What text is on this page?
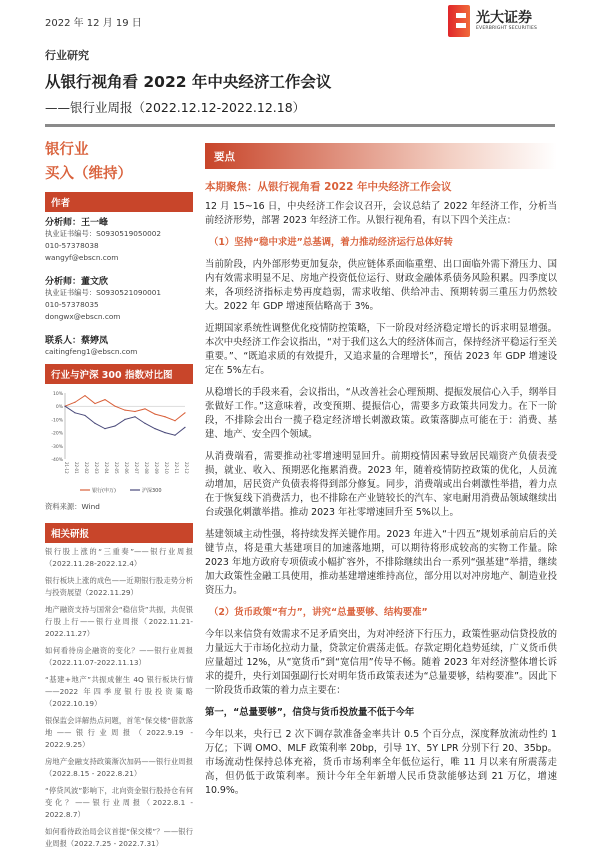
2022 年 12 月 19 日	光大证券
EVERBRIGHT SECURITIES
行业研究
从银行视角看 2022 年中央经济工作会议
——银行业周报（2022.12.12-2022.12.18）
银行业
买入（维持）
作者
分析师：王一峰
执业证书编号：S0930519050002
010-57378038
wangyf@ebscn.com
分析师：董文欣
执业证书编号：S0930521090001
010-57378035
dongwx@ebscn.com
联系人：蔡婷凤
caitingfeng1@ebscn.com
行业与沪深 300 指数对比图
10%
0%
-10%
-20%
-30%
-40%
21-12 22-01 22-02 22-03 22-04 22-05 22-06 22-07 22-08 22-09 22-10 22-11 22-12
银行(申万)	沪深300
资料来源：Wind
相关研报
银行股上涨的“三重奏”——银行业周报（2022.11.28-2022.12.4）
银行板块上涨的成色——近期银行股走势分析与投资展望（2022.11.29）
地产融资支持与国常会“稳信贷”共振，共促银行股上行——银行业周报（2022.11.21-2022.11.27）
如何看待房企融资的变化？——银行业周报（2022.11.07-2022.11.13）
“基建+地产”共振成催生 4Q 银行板块行情——2022 年四季度银行股投资策略（2022.10.19）
银保监会详解热点问题，首笔“保交楼”借款落地——银行业周报（2022.9.19 - 2022.9.25）
房地产金融支持政策渐次加码——银行业周报（2022.8.15 - 2022.8.21）
“停贷风波”影响下，北向资金银行股持仓有何变化？——银行业周报（2022.8.1 - 2022.8.7）
如何看待政治局会议首提“保交楼”？——银行业周报（2022.7.25 - 2022.7.31）
要点
本期聚焦：从银行视角看 2022 年中央经济工作会议
12 月 15~16 日，中央经济工作会议召开，会议总结了 2022 年经济工作，分析当前经济形势，部署 2023 年经济工作。从银行视角看，有以下四个关注点：
（1）坚持“稳中求进”总基调，着力推动经济运行总体好转
当前阶段，内外部形势更加复杂，供应链体系面临重塑、出口面临外需下滑压力、国内有效需求明显不足、房地产投资低位运行、财政金融体系债务风险积累。四季度以来，各项经济指标走势再度趋弱，需求收缩、供给冲击、预期转弱三重压力仍然较大。2022 年 GDP 增速预估略高于 3%。
近期国家系统性调整优化疫情防控策略，下一阶段对经济稳定增长的诉求明显增强。本次中央经济工作会议指出，“对于我们这么大的经济体而言，保持经济平稳运行至关重要。”、“既追求质的有效提升，又追求量的合理增长”，预估 2023 年 GDP 增速设定在 5%左右。
从稳增长的手段来看，会议指出，“从改善社会心理预期、提振发展信心入手，纲举目张做好工作。”这意味着，改变预期、提振信心，需要多方政策共同发力。在下一阶段，不排除会出台一揽子稳定经济增长刺激政策。政策落脚点可能在于：消费、基建、地产、安全四个领域。
从消费端看，需要推动社零增速明显回升。前期疫情因素导致居民端资产负债表受损，就业、收入、预期恶化拖累消费。2023 年，随着疫情防控政策的优化，人员流动增加，居民资产负债表将得到部分修复。同步，消费端或出台刺激性举措，着力点在于恢复线下消费活力，也不排除在产业链较长的汽车、家电耐用消费品领域继续出台或强化刺激举措。推动 2023 年社零增速回升至 5%以上。
基建领域主动性强，将持续发挥关键作用。2023 年进入“十四五”规划承前启后的关键节点，将是重大基建项目的加速落地期，可以期待将形成较高的实物工作量。除 2023 年地方政府专项债或小幅扩容外，不排除继续出台一系列“强基建”举措，继续加大政策性金融工具使用，推动基建增速维持高位，部分用以对冲房地产、制造业投资压力。
（2）货币政策“有力”，讲究“总量要够、结构要准”
今年以来信贷有效需求不足矛盾突出，为对冲经济下行压力，政策性驱动信贷投放的力量远大于市场化拉动力量，贷款定价震荡走低。存款定期化趋势延续，广义货币供应量超过 12%，从“宽货币”到“宽信用”传导不畅。随着 2023 年对经济整体增长诉求的提升，央行刘国强副行长对明年货币政策表述为“总量要够，结构要准”。因此下一阶段货币政策的着力点主要在：
第一，“总量要够”，信贷与货币投放量不低于今年
今年以来，央行已 2 次下调存款准备金率共计 0.5 个百分点，深度释放流动性约 1 万亿；下调 OMO、MLF 政策利率 20bp，引导 1Y、5Y LPR 分别下行 20、35bp。市场流动性保持总体充裕，货币市场利率全年低位运行，唯 11 月以来有所震荡走高，但仍低于政策利率。预计今年全年新增人民币贷款能够达到 21 万亿，增速 10.9%。
